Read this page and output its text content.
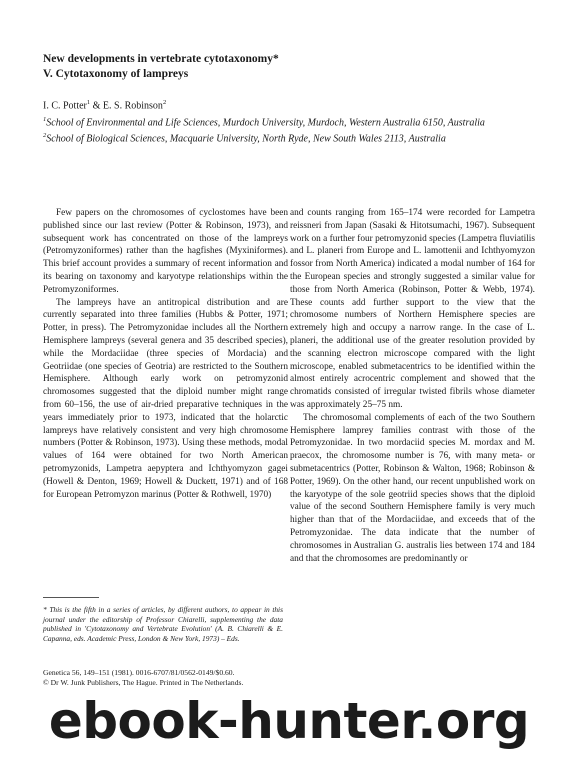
New developments in vertebrate cytotaxonomy*
V. Cytotaxonomy of lampreys

I. C. Potter$^1$ & E. S. Robinson$^2$

$^1$School of Environmental and Life Sciences, Murdoch University, Murdoch, Western Australia 6150, Australia

$^2$School of Biological Sciences, Macquarie University, North Ryde, New South Wales 2113, Australia

Few papers on the chromosomes of cyclostomes have been published since our last review (Potter & Robinson, 1973), and subsequent work has concentrated on those of the lampreys (Petromyzoniformes) rather than the hagfishes (Myxiniformes). This brief account provides a summary of recent information and its bearing on taxonomy and karyotype relationships within the Petromyzoniformes.

The lampreys have an antitropical distribution and are currently separated into three families (Hubbs & Potter, 1971; Potter, in press). The Petromyzonidae includes all the Northern Hemisphere lampreys (several genera and 35 described species), while the Mordaciidae (three species of Mordacia) and Geotriidae (one species of Geotria) are restricted to the Southern Hemisphere. Although early work on petromyzonid chromosomes suggested that the diploid number might range from 60–156, the use of air-dried preparative techniques in the years immediately prior to 1973, indicated that the holarctic lampreys have relatively consistent and very high chromosome numbers (Potter & Robinson, 1973). Using these methods, modal values of 164 were obtained for two North American petromyzonids, Lampetra aepyptera and Ichthyomyzon gagei (Howell & Denton, 1969; Howell & Duckett, 1971) and of 168 for European Petromyzon marinus (Potter & Rothwell, 1970)

and counts ranging from 165–174 were recorded for Lampetra reissneri from Japan (Sasaki & Hitotsumachi, 1967). Subsequent work on a further four petromyzonid species (Lampetra fluviatilis and L. planeri from Europe and L. lamottenii and Ichthyomyzon fossor from North America) indicated a modal number of 164 for the European species and strongly suggested a similar value for those from North America (Robinson, Potter & Webb, 1974). These counts add further support to the view that the chromosome numbers of Northern Hemisphere species are extremely high and occupy a narrow range. In the case of L. planeri, the additional use of the greater resolution provided by the scanning electron microscope compared with the light microscope, enabled submetacentrics to be identified within the almost entirely acrocentric complement and showed that the chromatids consisted of irregular twisted fibrils whose diameter was approximately 25–75 nm.

The chromosomal complements of each of the two Southern Hemisphere lamprey families contrast with those of the Petromyzonidae. In two mordaciid species M. mordax and M. praecox, the chromosome number is 76, with many meta- or submetacentrics (Potter, Robinson & Walton, 1968; Robinson & Potter, 1969). On the other hand, our recent unpublished work on the karyotype of the sole geotriid species shows that the diploid value of the second Southern Hemisphere family is very much higher than that of the Mordaciidae, and exceeds that of the Petromyzonidae. The data indicate that the number of chromosomes in Australian G. australis lies between 174 and 184 and that the chromosomes are predominantly or

* This is the fifth in a series of articles, by different authors, to appear in this journal under the editorship of Professor Chiarelli, supplementing the data published in 'Cytotaxonomy and Vertebrate Evolution' (A. B. Chiarelli & E. Capanna, eds. Academic Press, London & New York, 1973) – Eds.

Genetica 56, 149–151 (1981). 0016-6707/81/0562-0149/$0.60.

© Dr W. Junk Publishers, The Hague. Printed in The Netherlands.

ebook-hunter.org
